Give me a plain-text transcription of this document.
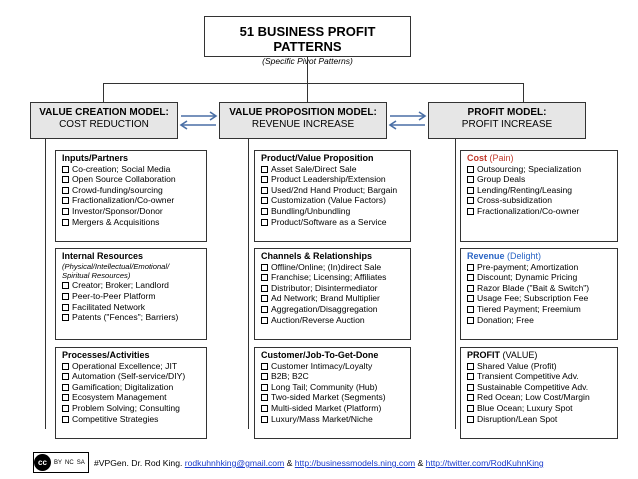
51 BUSINESS PROFIT PATTERNS
(Specific Pivot Patterns)
VALUE CREATION MODEL:
COST REDUCTION
VALUE PROPOSITION MODEL:
REVENUE INCREASE
PROFIT MODEL:
PROFIT INCREASE
Inputs/Partners
Co-creation; Social Media
Open Source Collaboration
Crowd-funding/sourcing
Fractionalization/Co-owner
Investor/Sponsor/Donor
Mergers & Acquisitions
Internal Resources
(Physical/Intellectual/Emotional/
Spiritual Resources)
Creator; Broker; Landlord
Peer-to-Peer Platform
Facilitated Network
Patents ("Fences"; Barriers)
Processes/Activities
Operational Excellence; JIT
Automation (Self-service/DIY)
Gamification; Digitalization
Ecosystem Management
Problem Solving; Consulting
Competitive Strategies
Product/Value Proposition
Asset Sale/Direct Sale
Product Leadership/Extension
Used/2nd Hand Product; Bargain
Customization (Value Factors)
Bundling/Unbundling
Product/Software as a Service
Channels & Relationships
Offline/Online; (In)direct Sale
Franchise; Licensing; Affiliates
Distributor; Disintermediator
Ad Network; Brand Multiplier
Aggregation/Disaggregation
Auction/Reverse Auction
Customer/Job-To-Get-Done
Customer Intimacy/Loyalty
B2B; B2C
Long Tail; Community (Hub)
Two-sided Market (Segments)
Multi-sided Market (Platform)
Luxury/Mass Market/Niche
Cost (Pain)
Outsourcing; Specialization
Group Deals
Lending/Renting/Leasing
Cross-subsidization
Fractionalization/Co-owner
Revenue (Delight)
Pre-payment; Amortization
Discount; Dynamic Pricing
Razor Blade ("Bait & Switch")
Usage Fee; Subscription Fee
Tiered Payment; Freemium
Donation; Free
PROFIT (VALUE)
Shared Value (Profit)
Transient Competitive Adv.
Sustainable Competitive Adv.
Red Ocean; Low Cost/Margin
Blue Ocean; Luxury Spot
Disruption/Lean Spot
cc	BY NC SA #VPGen. Dr. Rod King. rodkuhnhking@gmail.com & http://businessmodels.ning.com & http://twitter.com/RodKuhnKing
